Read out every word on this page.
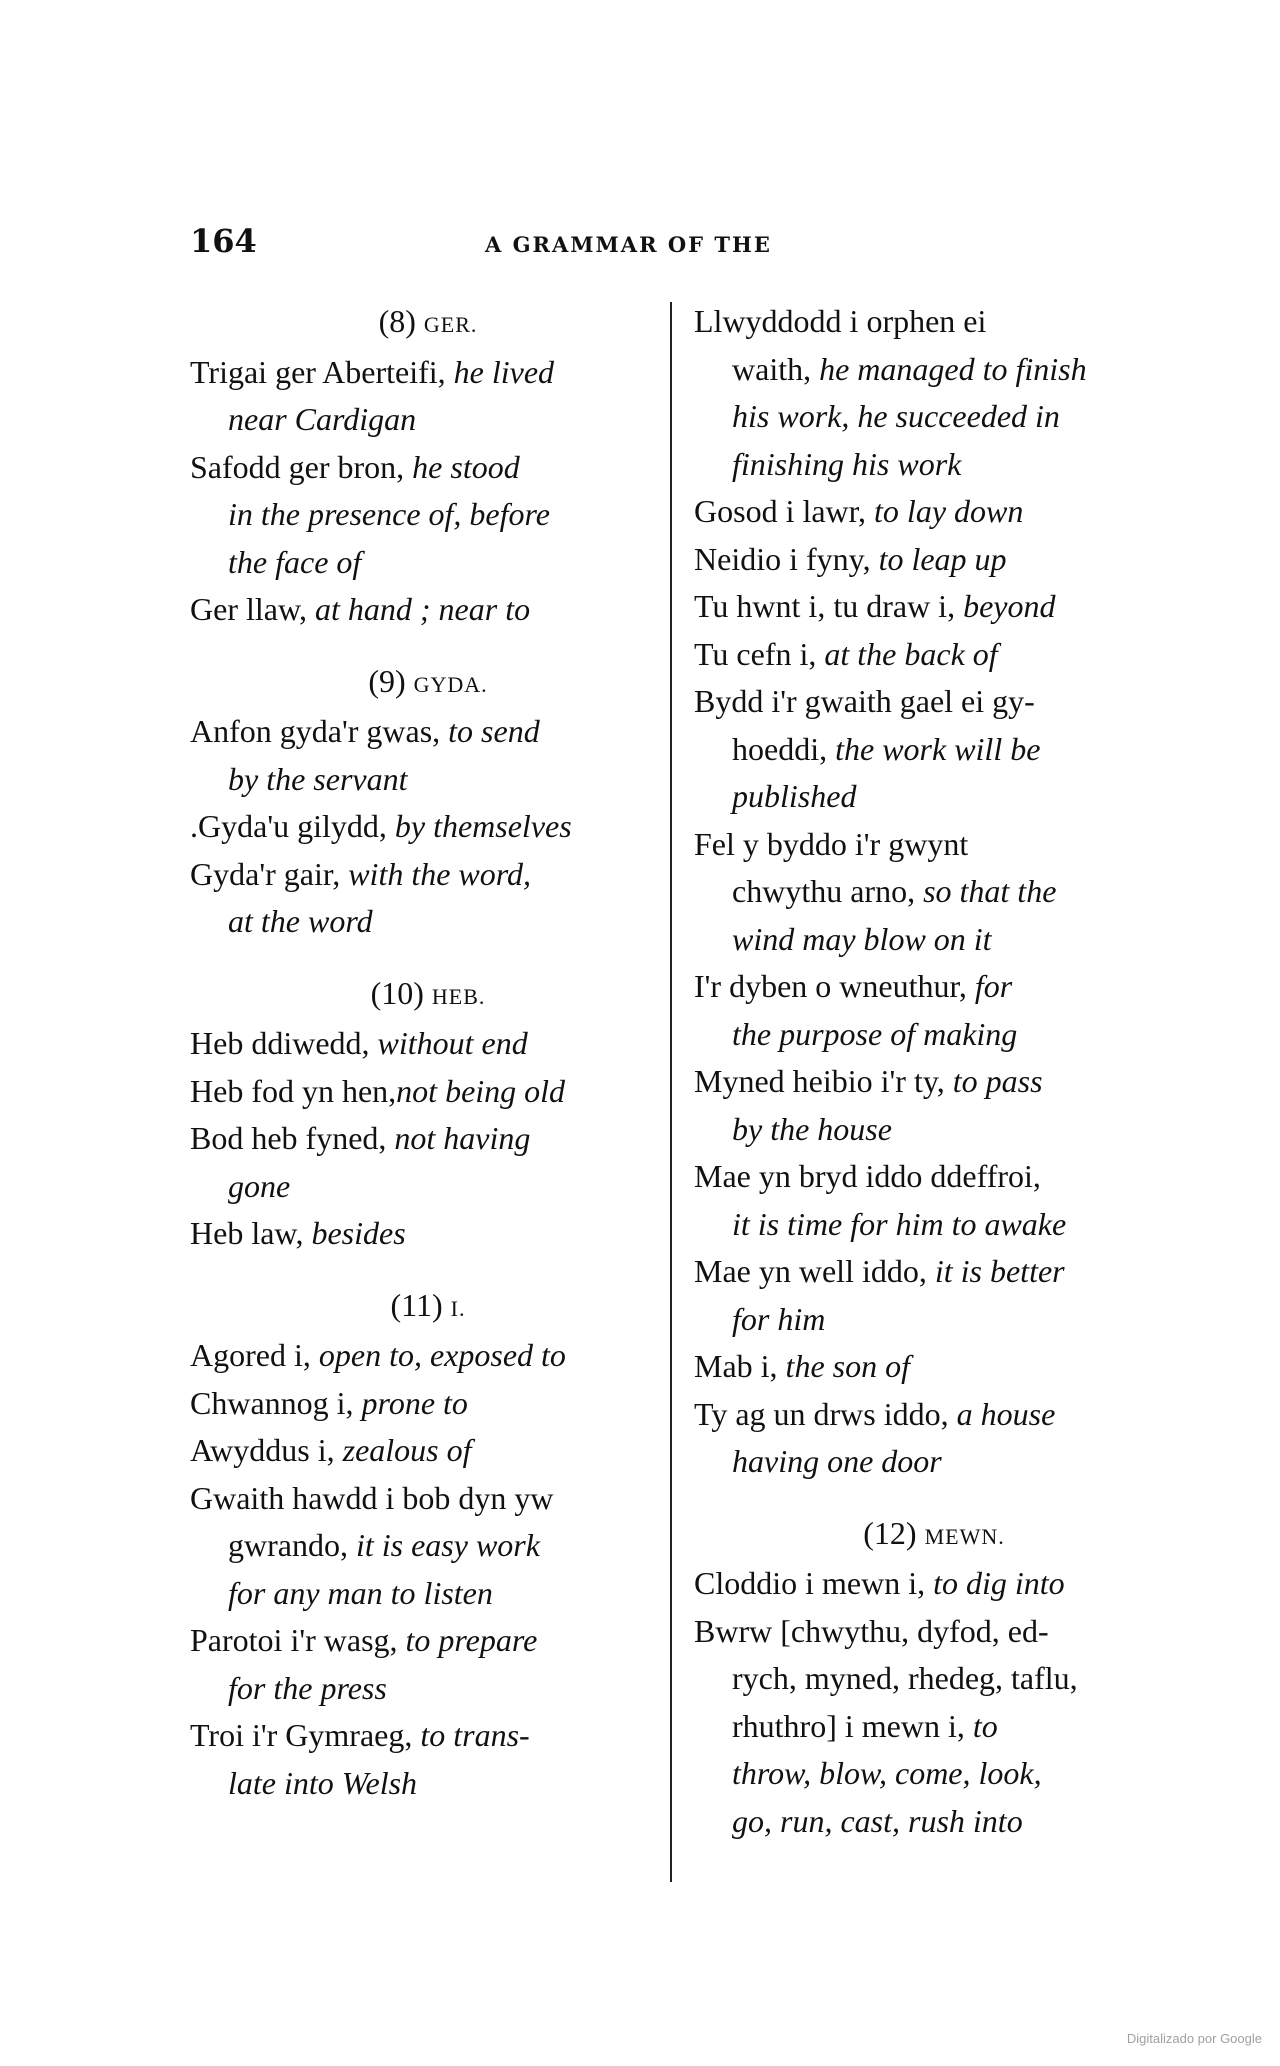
164	A GRAMMAR OF THE
(8) GER.
Trigai ger Aberteifi, he lived
near Cardigan
Safodd ger bron, he stood
in the presence of, before
the face of
Ger llaw, at hand ; near to
(9) GYDA.
Anfon gyda'r gwas, to send
by the servant
.Gyda'u gilydd, by themselves
Gyda'r gair, with the word,
at the word
(10) HEB.
Heb ddiwedd, without end
Heb fod yn hen,not being old
Bod heb fyned, not having
gone
Heb law, besides
(11) I.
Agored i, open to, exposed to
Chwannog i, prone to
Awyddus i, zealous of
Gwaith hawdd i bob dyn yw
gwrando, it is easy work
for any man to listen
Parotoi i'r wasg, to prepare
for the press
Troi i'r Gymraeg, to trans-
late into Welsh
Llwyddodd i orphen ei
waith, he managed to finish
his work, he succeeded in
finishing his work
Gosod i lawr, to lay down
Neidio i fyny, to leap up
Tu hwnt i, tu draw i, beyond
Tu cefn i, at the back of
Bydd i'r gwaith gael ei gy-
hoeddi, the work will be
published
Fel y byddo i'r gwynt
chwythu arno, so that the
wind may blow on it
I'r dyben o wneuthur, for
the purpose of making
Myned heibio i'r ty, to pass
by the house
Mae yn bryd iddo ddeffroi,
it is time for him to awake
Mae yn well iddo, it is better
for him
Mab i, the son of
Ty ag un drws iddo, a house
having one door
(12) MEWN.
Cloddio i mewn i, to dig into
Bwrw [chwythu, dyfod, ed-
rych, myned, rhedeg, taflu,
rhuthro] i mewn i, to
throw, blow, come, look,
go, run, cast, rush into
Digitalizado por Google
